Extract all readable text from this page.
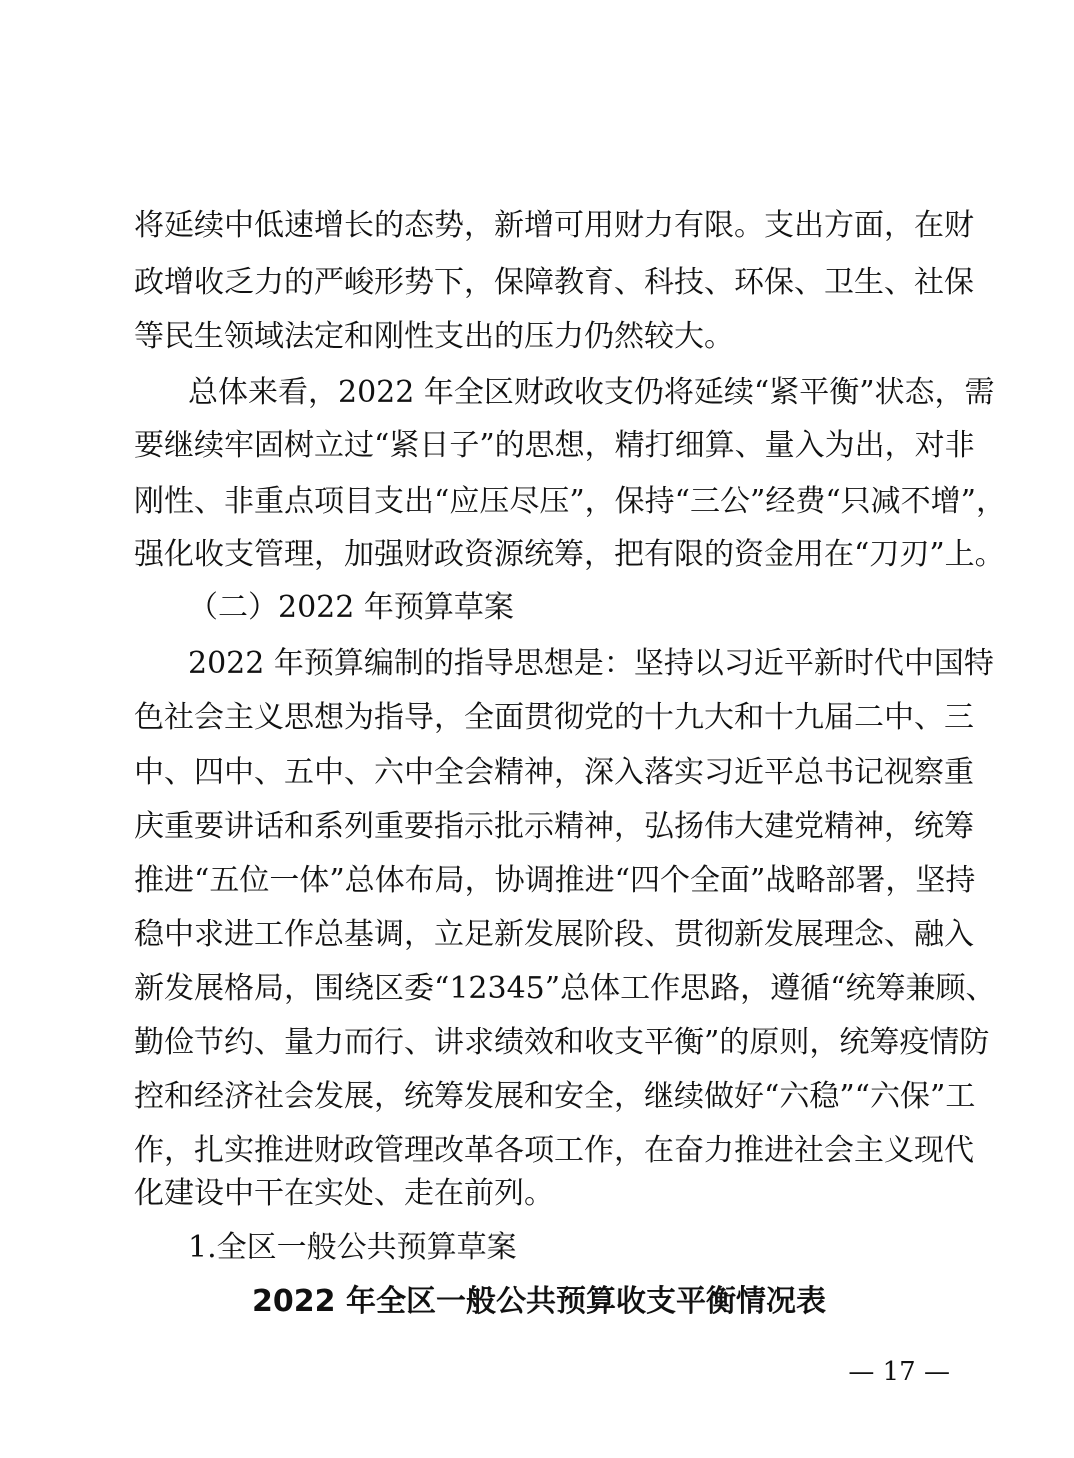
将延续中低速增长的态势，新增可用财力有限。支出方面，在财
政增收乏力的严峻形势下，保障教育、科技、环保、卫生、社保
等民生领域法定和刚性支出的压力仍然较大。
总体来看，2022 年全区财政收支仍将延续“紧平衡”状态，需
要继续牢固树立过“紧日子”的思想，精打细算、量入为出，对非
刚性、非重点项目支出“应压尽压”，保持“三公”经费“只减不增”，
强化收支管理，加强财政资源统筹，把有限的资金用在“刀刃”上。
（二）2022 年预算草案
2022 年预算编制的指导思想是：坚持以习近平新时代中国特
色社会主义思想为指导，全面贯彻党的十九大和十九届二中、三
中、四中、五中、六中全会精神，深入落实习近平总书记视察重
庆重要讲话和系列重要指示批示精神，弘扬伟大建党精神，统筹
推进“五位一体”总体布局，协调推进“四个全面”战略部署，坚持
稳中求进工作总基调，立足新发展阶段、贯彻新发展理念、融入
新发展格局，围绕区委“12345”总体工作思路，遵循“统筹兼顾、
勤俭节约、量力而行、讲求绩效和收支平衡”的原则，统筹疫情防
控和经济社会发展，统筹发展和安全，继续做好“六稳”“六保”工
作，扎实推进财政管理改革各项工作，在奋力推进社会主义现代
化建设中干在实处、走在前列。
1.全区一般公共预算草案
2022 年全区一般公共预算收支平衡情况表
— 17 —
